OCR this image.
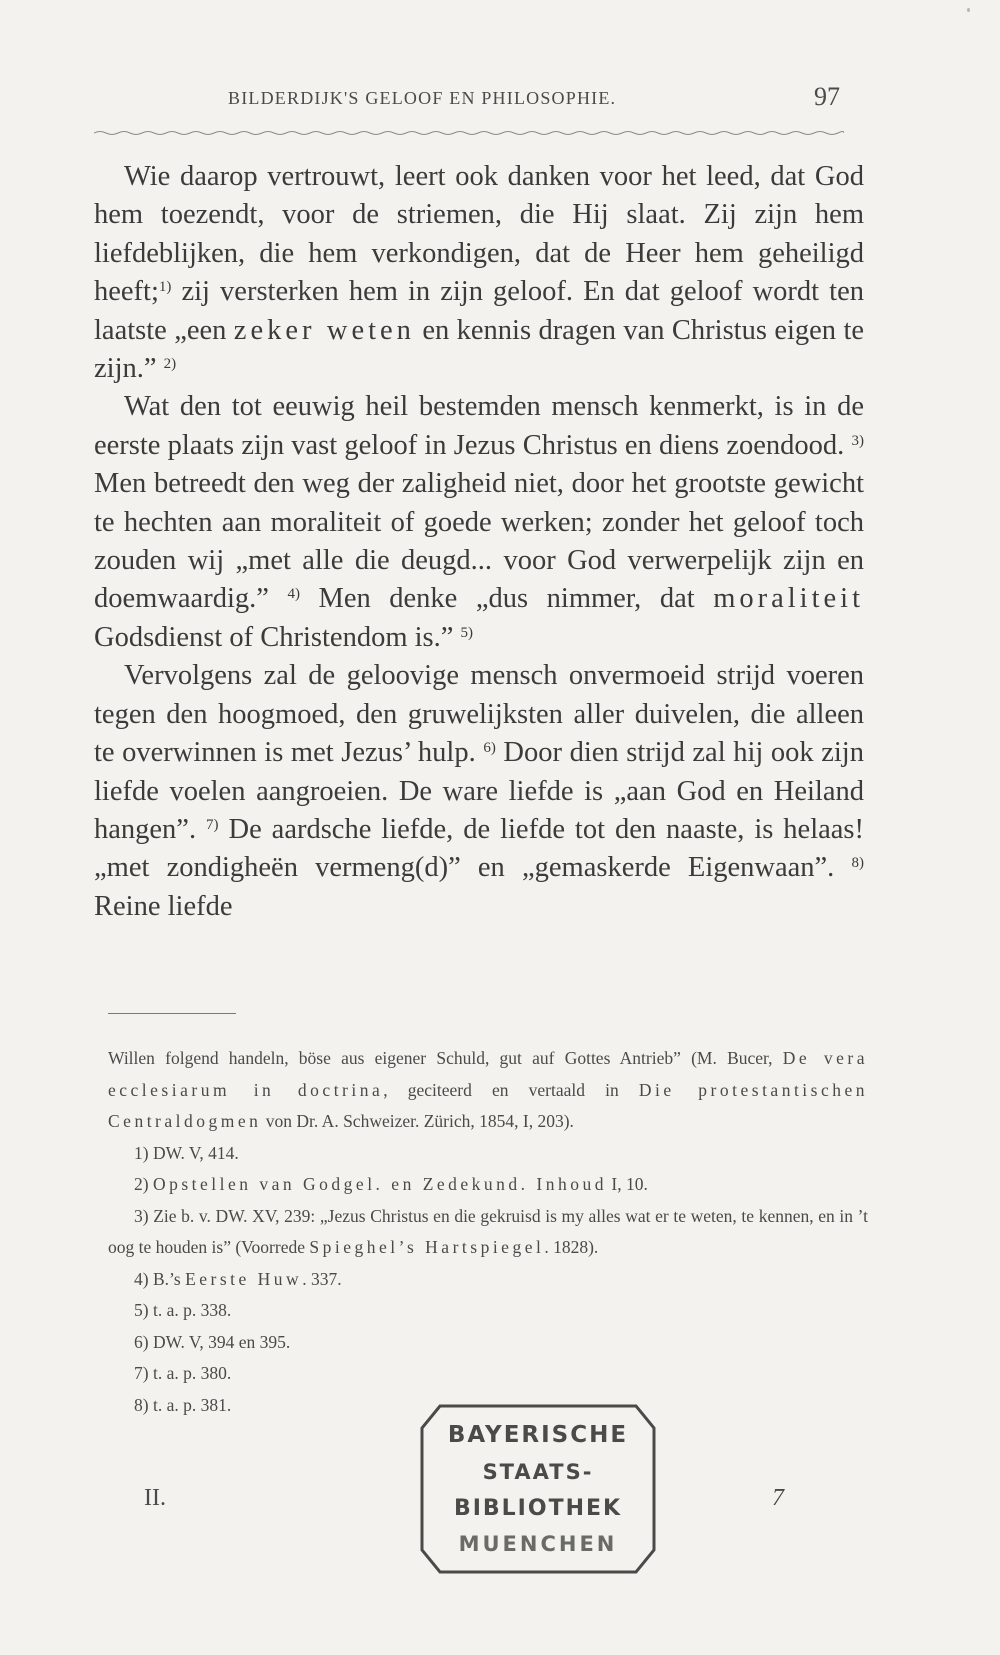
BILDERDIJK'S GELOOF EN PHILOSOPHIE.	97

Wie daarop vertrouwt, leert ook danken voor het leed, dat God hem toezendt, voor de striemen, die Hij slaat. Zij zijn hem liefdeblijken, die hem verkondigen, dat de Heer hem geheiligd heeft;$^{1)}$ zij versterken hem in zijn geloof. En dat geloof wordt ten laatste „een zeker weten en kennis dragen van Christus eigen te zijn.” $^{2)}$

Wat den tot eeuwig heil bestemden mensch kenmerkt, is in de eerste plaats zijn vast geloof in Jezus Christus en diens zoendood. $^{3)}$ Men betreedt den weg der zaligheid niet, door het grootste gewicht te hechten aan moraliteit of goede werken; zonder het geloof toch zouden wij „met alle die deugd... voor God verwerpelijk zijn en doemwaardig.” $^{4)}$ Men denke „dus nimmer, dat moraliteit Godsdienst of Christendom is.” $^{5)}$

Vervolgens zal de geloovige mensch onvermoeid strijd voeren tegen den hoogmoed, den gruwelijksten aller duivelen, die alleen te overwinnen is met Jezus’ hulp. $^{6)}$ Door dien strijd zal hij ook zijn liefde voelen aangroeien. De ware liefde is „aan God en Heiland hangen”. $^{7)}$ De aardsche liefde, de liefde tot den naaste, is helaas! „met zondigheën vermeng(d)” en „gemaskerde Eigenwaan”. $^{8)}$ Reine liefde

Willen folgend handeln, böse aus eigener Schuld, gut auf Gottes Antrieb” (M. Bucer, De vera ecclesiarum in doctrina, geciteerd en vertaald in Die protestantischen Centraldogmen von Dr. A. Schweizer. Zürich, 1854, I, 203).

1) DW. V, 414.

2) Opstellen van Godgel. en Zedekund. Inhoud I, 10.

3) Zie b. v. DW. XV, 239: „Jezus Christus en die gekruisd is my alles wat er te weten, te kennen, en in ’t oog te houden is” (Voorrede Spieghel’s Hartspiegel. 1828).

4) B.’s Eerste Huw. 337.

5) t. a. p. 338.

6) DW. V, 394 en 395.

7) t. a. p. 380.

8) t. a. p. 381.

II.	7
BAYERISCHE
STAATS-
BIBLIOTHEK
MUENCHEN
